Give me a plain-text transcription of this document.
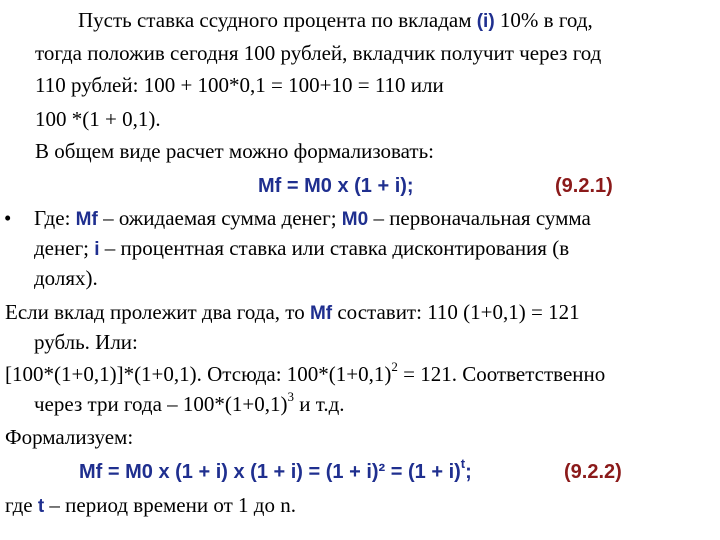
Пусть ставка ссудного процента по вкладам (i) 10% в год,
тогда положив сегодня 100 рублей, вкладчик получит через год
110 рублей: 100 + 100*0,1 = 100+10 = 110 или
100 *(1 + 0,1).
В общем виде расчет можно формализовать:
Mf = M0 x (1 + i);	(9.2.1)
• Где: Mf – ожидаемая сумма денег; M0 – первоначальная сумма
денег; i – процентная ставка или ставка дисконтирования (в
долях).
Если вклад пролежит два года, то Mf составит: 110 (1+0,1) = 121
рубль. Или:
[100*(1+0,1)]*(1+0,1). Отсюда: $100*(1+0,1)^2 = 121$. Соответственно
через три года – $100*(1+0,1)^3$ и т.д.
Формализуем:
Mf = M0 x (1 + i) x $(1 + i) = (1 + i)^2 = (1 + i)^t$;	(9.2.2)
где t – период времени от 1 до n.
